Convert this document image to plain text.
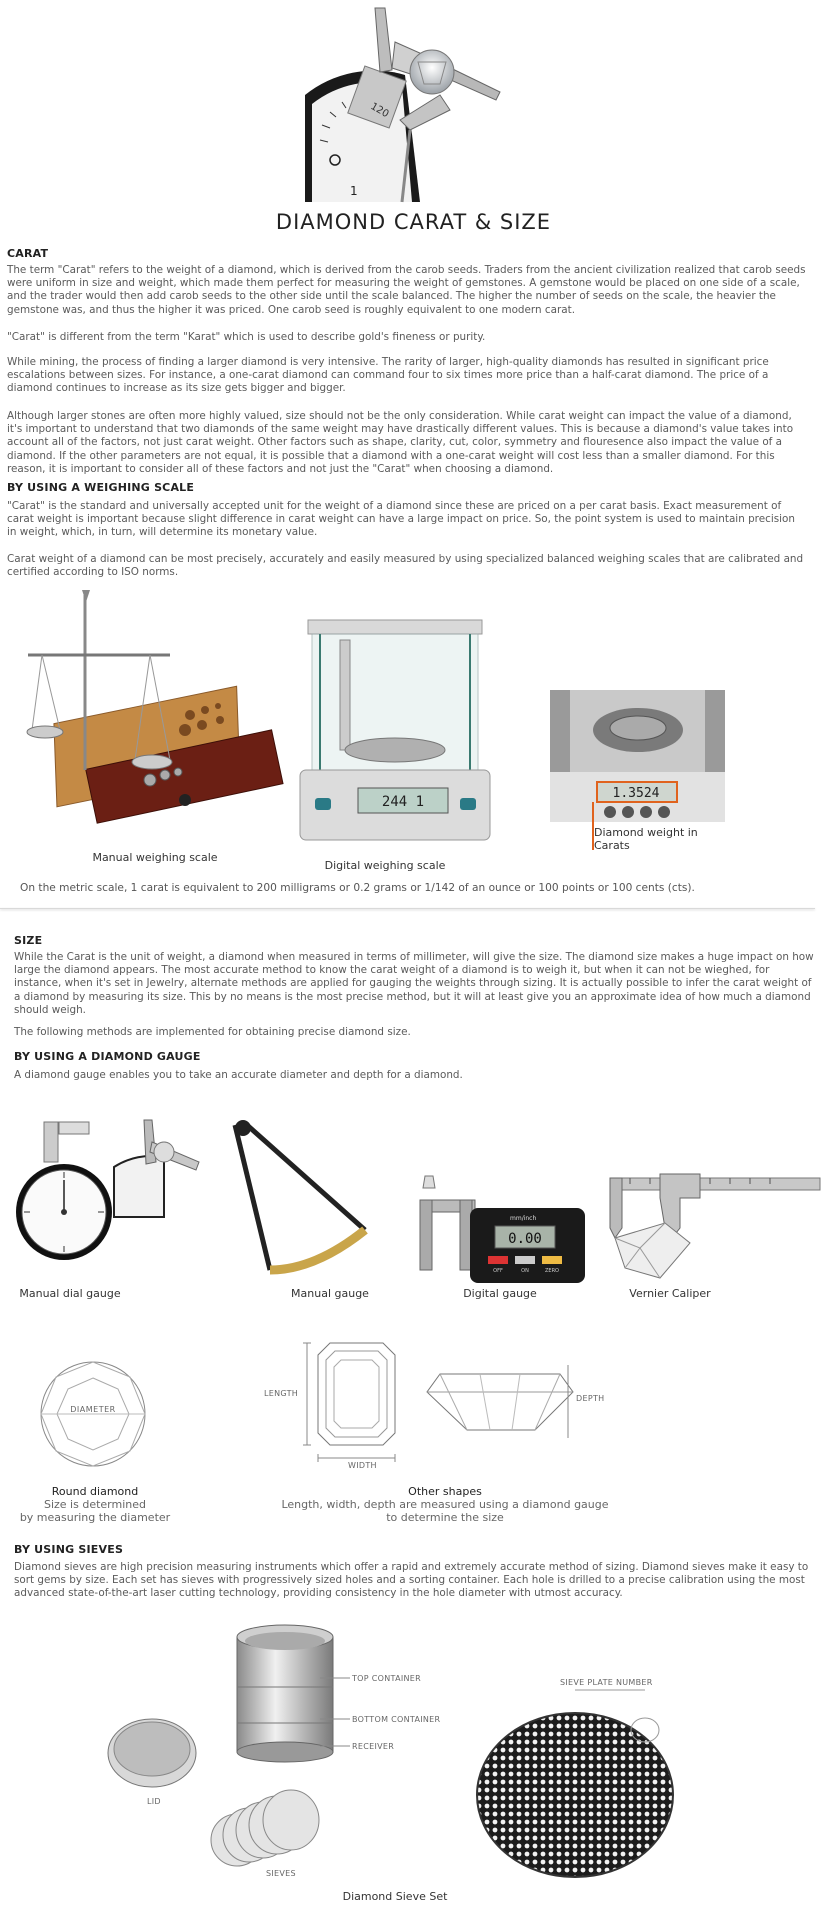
1
120
DIAMOND CARAT & SIZE
CARAT

The term "Carat" refers to the weight of a diamond, which is derived from the carob seeds. Traders from the ancient civilization realized that carob seeds were uniform in size and weight, which made them perfect for measuring the weight of gemstones. A gemstone would be placed on one side of a scale, and the trader would then add carob seeds to the other side until the scale balanced. The higher the number of seeds on the scale, the heavier the gemstone was, and thus the higher it was priced. One carob seed is roughly equivalent to one modern carat.

"Carat" is different from the term "Karat" which is used to describe gold's fineness or purity.

While mining, the process of finding a larger diamond is very intensive. The rarity of larger, high-quality diamonds has resulted in significant price escalations between sizes. For instance, a one-carat diamond can command four to six times more price than a half-carat diamond. The price of a diamond continues to increase as its size gets bigger and bigger.

Although larger stones are often more highly valued, size should not be the only consideration. While carat weight can impact the value of a diamond, it's important to understand that two diamonds of the same weight may have drastically different values. This is because a diamond's value takes into account all of the factors, not just carat weight. Other factors such as shape, clarity, cut, color, symmetry and flouresence also impact the value of a diamond. If the other parameters are not equal, it is possible that a diamond with a one-carat weight will cost less than a smaller diamond. For this reason, it is important to consider all of these factors and not just the "Carat" when choosing a diamond.

BY USING A WEIGHING SCALE

"Carat" is the standard and universally accepted unit for the weight of a diamond since these are priced on a per carat basis. Exact measurement of carat weight is important because slight difference in carat weight can have a large impact on price. So, the point system is used to maintain precision in weight, which, in turn, will determine its monetary value.

Carat weight of a diamond can be most precisely, accurately and easily measured by using specialized balanced weighing scales that are calibrated and certified according to ISO norms.

Manual weighing scale
244 1
Digital weighing scale
1.3524
Diamond weight in
Carats
On the metric scale, 1 carat is equivalent to 200 milligrams or 0.2 grams or 1/142 of an ounce or 100 points or 100 cents (cts).
SIZE

While the Carat is the unit of weight, a diamond when measured in terms of millimeter, will give the size. The diamond size makes a huge impact on how large the diamond appears. The most accurate method to know the carat weight of a diamond is to weigh it, but when it can not be wieghed, for instance, when it's set in Jewelry, alternate methods are applied for gauging the weights through sizing. It is actually possible to infer the carat weight of a diamond by measuring its size. This by no means is the most precise method, but it will at least give you an approximate idea of how much a diamond should weigh.

The following methods are implemented for obtaining precise diamond size.

BY USING A DIAMOND GAUGE

A diamond gauge enables you to take an accurate diameter and depth for a diamond.

Manual dial gauge	Manual gauge
mm/inch
0.00
OFF	ON	ZERO
Digital gauge	Vernier Caliper
DIAMETER
Round diamond
Size is determined
by measuring the diameter
LENGTH
WIDTH
DEPTH
Other shapes
Length, width, depth are measured using a diamond gauge
to determine the size
BY USING SIEVES

Diamond sieves are high precision measuring instruments which offer a rapid and extremely accurate method of sizing. Diamond sieves make it easy to sort gems by size. Each set has sieves with progressively sized holes and a sorting container. Each hole is drilled to a precise calibration using the most advanced state-of-the-art laser cutting technology, providing consistency in the hole diameter with utmost accuracy.

TOP CONTAINER
BOTTOM CONTAINER
RECEIVER
LID
SIEVES
SIEVE PLATE NUMBER
Diamond Sieve Set
